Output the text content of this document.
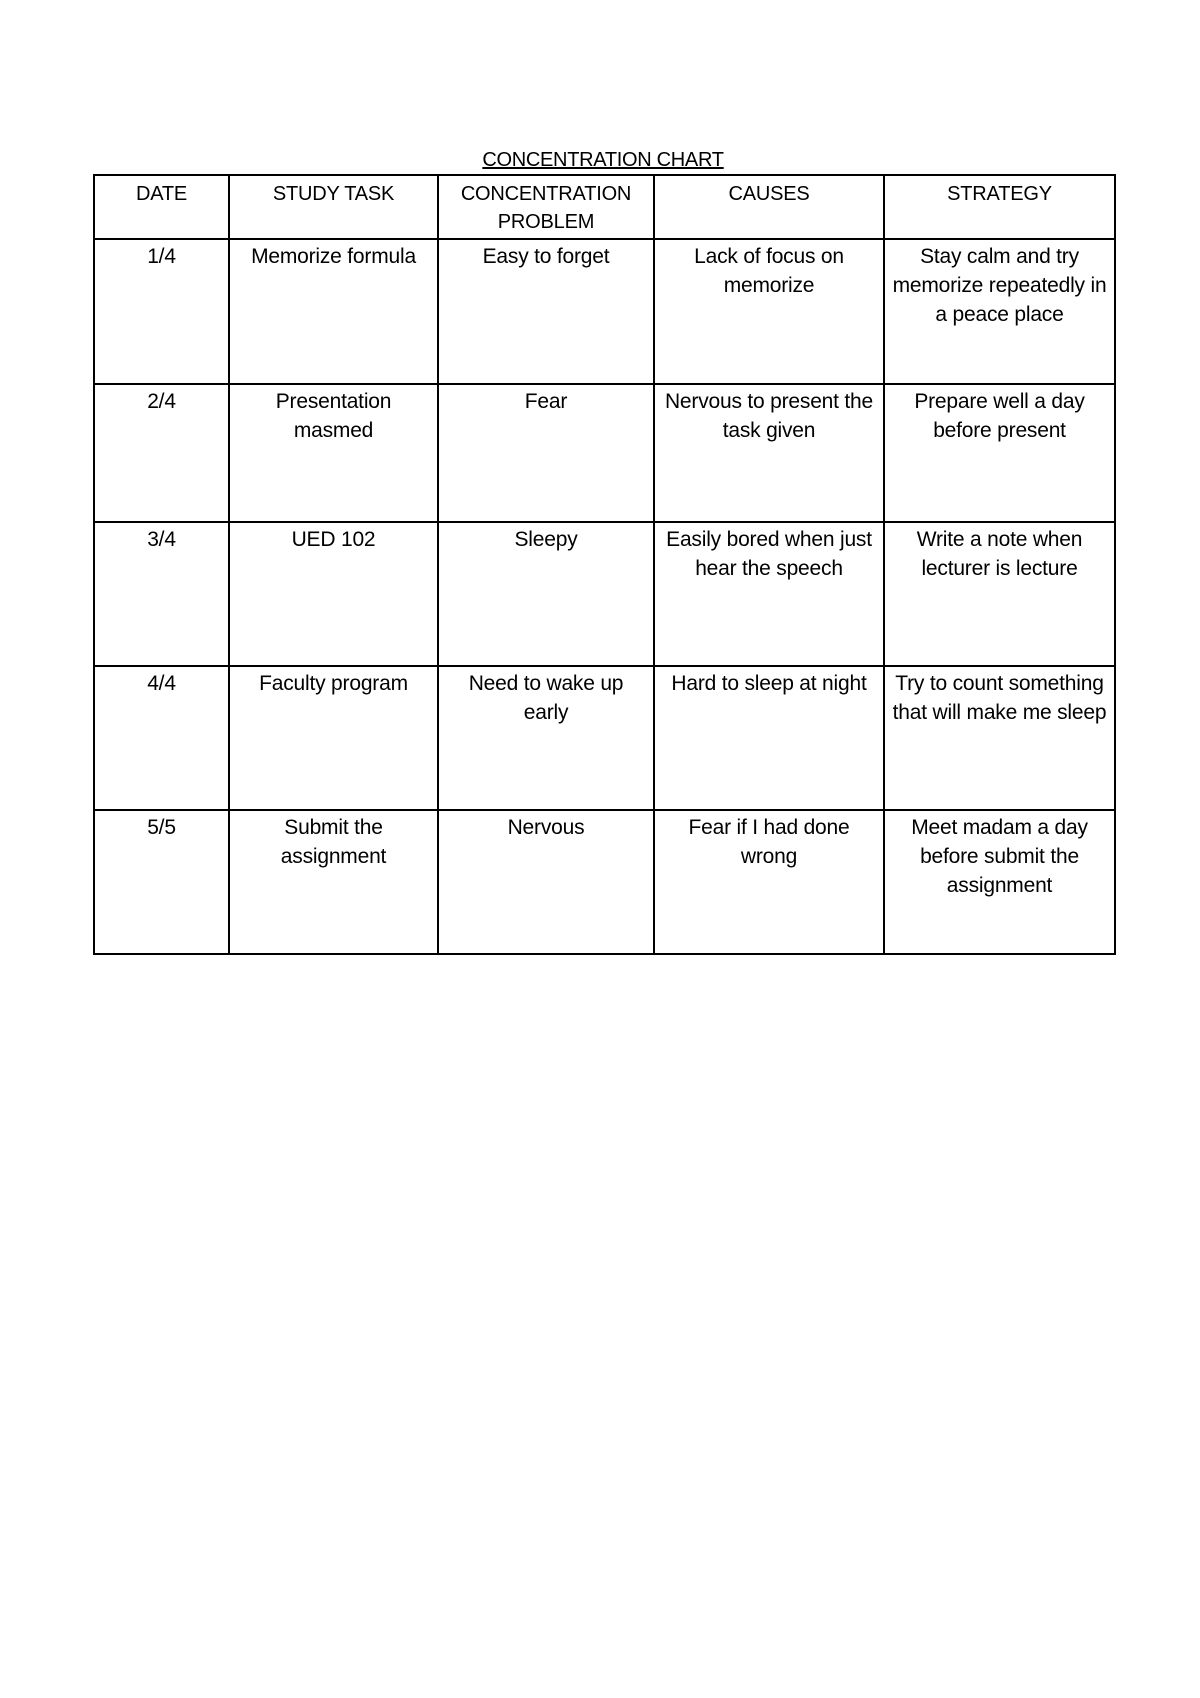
CONCENTRATION CHART
DATE	STUDY TASK	CONCENTRATION PROBLEM	CAUSES	STRATEGY
1/4	Memorize formula	Easy to forget	Lack of focus on memorize	Stay calm and try memorize repeatedly in a peace place
2/4	Presentation masmed	Fear	Nervous to present the task given	Prepare well a day before present
3/4	UED 102	Sleepy	Easily bored when just hear the speech	Write a note when lecturer is lecture
4/4	Faculty program	Need to wake up early	Hard to sleep at night	Try to count something that will make me sleep
5/5	Submit the assignment	Nervous	Fear if I had done wrong	Meet madam a day before submit the assignment
